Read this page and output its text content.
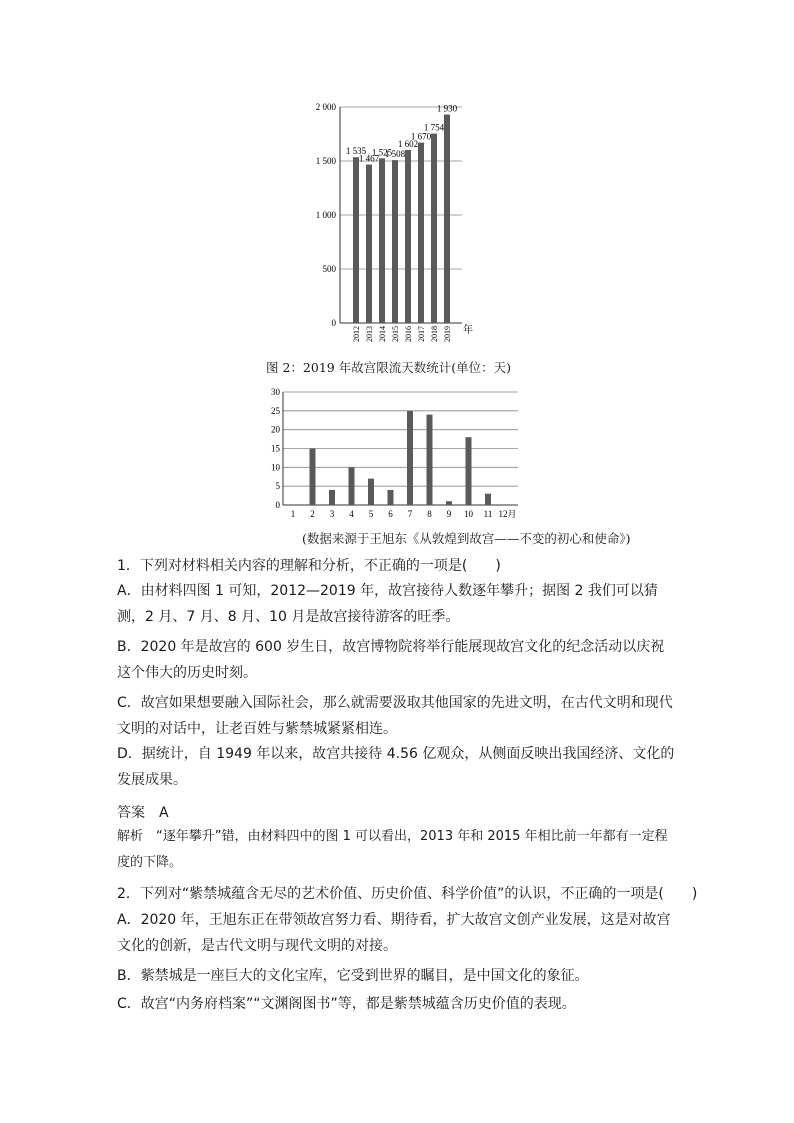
0
500
1 000
1 500
2 000
1 535
2012
1 467
2013
1 525
2014
1 508
2015
1 602
2016
1 670
2017
1 754
2018
1 930
2019 年
0
5
10
15
20
25
30
1 2 3 4 5 6 7 8 9 10 11 12月
图 2：2019 年故宫限流天数统计(单位：天)
(数据来源于王旭东《从敦煌到故宫——不变的初心和使命》)
1．下列对材料相关内容的理解和分析，不正确的一项是(　　)
A．由材料四图 1 可知，2012—2019 年，故宫接待人数逐年攀升；据图 2 我们可以猜测，2 月、7 月、8 月、10 月是故宫接待游客的旺季。
B．2020 年是故宫的 600 岁生日，故宫博物院将举行能展现故宫文化的纪念活动以庆祝这个伟大的历史时刻。
C．故宫如果想要融入国际社会，那么就需要汲取其他国家的先进文明，在古代文明和现代文明的对话中，让老百姓与紫禁城紧紧相连。
D．据统计，自 1949 年以来，故宫共接待 4.56 亿观众，从侧面反映出我国经济、文化的发展成果。
答案　A
解析　“逐年攀升”错，由材料四中的图 1 可以看出，2013 年和 2015 年相比前一年都有一定程度的下降。
2．下列对“紫禁城蕴含无尽的艺术价值、历史价值、科学价值”的认识，不正确的一项是(　　)
A．2020 年，王旭东正在带领故宫努力看、期待看，扩大故宫文创产业发展，这是对故宫文化的创新，是古代文明与现代文明的对接。
B．紫禁城是一座巨大的文化宝库，它受到世界的瞩目，是中国文化的象征。
C．故宫“内务府档案”“文渊阁图书”等，都是紫禁城蕴含历史价值的表现。
